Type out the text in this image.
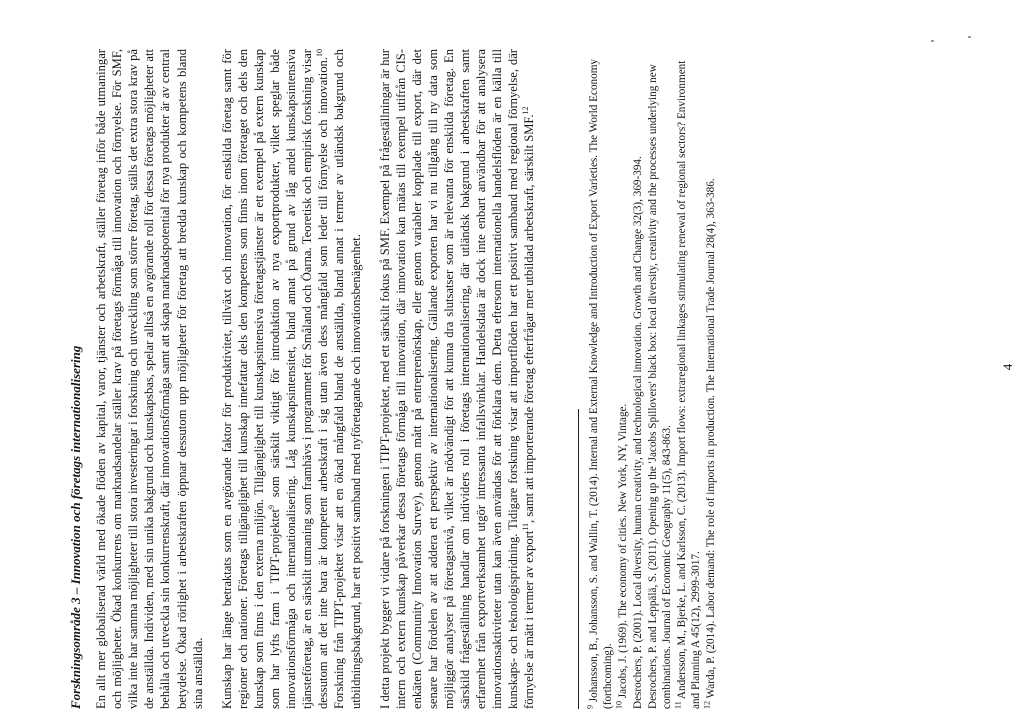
Forskningsområde 3 – Innovation och företags internationalisering En allt mer globaliserad värld med ökade flöden av kapital, varor, tjänster och arbetskraft, ställer företag inför både utmaningar och möjligheter. Ökad konkurrens om marknadsandelar ställer krav på företags förmåga till innovation och förnyelse. För SMF, vilka inte har samma möjligheter till stora investeringar i forskning och utveckling som större företag, ställs det extra stora krav på de anställda. Individen, med sin unika bakgrund och kunskapsbas, spelar alltså en avgörande roll för dessa företags möjligheter att behålla och utveckla sin konkurrenskraft, där innovationsförmåga samt att skapa marknadspotential för nya produkter är av central betydelse. Ökad rörlighet i arbetskraften öppnar dessutom upp möjligheter för företag att bredda kunskap och kompetens bland sina anställda. Kunskap har länge betraktats som en avgörande faktor för produktivitet, tillväxt och innovation, för enskilda företag samt för regioner och nationer. Företags tillgänglighet till kunskap innefattar dels den kompetens som finns inom företaget och dels den kunskap som finns i den externa miljön. Tillgänglighet till kunskapsintensiva företagstjänster är ett exempel på extern kunskap som har lyfts fram i TIPT-projektet$^9$ som särskilt viktigt för introduktion av nya exportprodukter, vilket speglar både innovationsförmåga och internationalisering. Låg kunskapsintensitet, bland annat på grund av låg andel kunskapsintensiva tjänsteföretag, är en särskilt utmaning som framhävs i programmet för Småland och Öarna. Teoretisk och empirisk forskning visar dessutom att det inte bara är kompetent arbetskraft i sig utan även dess mångfald som leder till förnyelse och innovation.$^{10}$ Forskning från TIPT-projektet visar att en ökad mångfald bland de anställda, bland annat i termer av utländsk bakgrund och utbildningsbakgrund, har ett positivt samband med nyföretagande och innovationsbenägenhet. I detta projekt bygger vi vidare på forskningen i TIPT-projektet, med ett särskilt fokus på SMF. Exempel på frågeställningar är hur intern och extern kunskap påverkar dessa företags förmåga till innovation, där innovation kan mätas till exempel utifrån CIS-enkäten (Community Innovation Survey), genom mått på entreprenörskap, eller genom variabler kopplade till export, där det senare har fördelen av att addera ett perspektiv av internationalisering. Gällande exporten har vi nu tillgång till ny data som möjliggör analyser på företagsnivå, vilket är nödvändigt för att kunna dra slutsatser som är relevanta för enskilda företag. En särskild frågeställning handlar om individers roll i företags internationalisering, där utländsk bakgrund i arbetskraften samt erfarenhet från exportverksamhet utgör intressanta infallsvinklar. Handelsdata är dock inte enbart användbar för att analysera innovationsaktiviteter utan kan även användas för att förklara dem. Detta eftersom internationella handelsflöden är en källa till kunskaps- och teknologispridning. Tidigare forskning visar att importflöden har ett positivt samband med regional förnyelse, där förnyelse är mätt i termer av export$^{11}$, samt att importerande företag efterfrågar mer utbildad arbetskraft, särskilt SMF.$^{12}$

$^9$ Johansson, B., Johansson, S. and Wallin, T. (2014). Internal and External Knowledge and Introduction of Export Varieties. The World Economy (forthcoming). $^{10}$ Jacobs, J. (1969). The economy of cities. New York, NY, Vintage. Desrochers, P. (2001). Local diversity, human creativity, and technological innovation. Growth and Change 32(3), 369-394. Desrochers, P. and Leppälä, S. (2011). Opening up the 'Jacobs Spillovers' black box: local diversity, creativity and the processes underlying new combinations. Journal of Economic Geography 11(5), 843-863. $^{11}$ Andersson, M., Bjerke, L. and Karlsson, C. (2013). Import flows: extraregional linkages stimulating renewal of regional sectors? Environment and Planning A 45(12), 2999-3017. $^{12}$ Warda, P. (2014). Labor demand: The role of imports in production. The International Trade Journal 28(4), 363-386.	4
